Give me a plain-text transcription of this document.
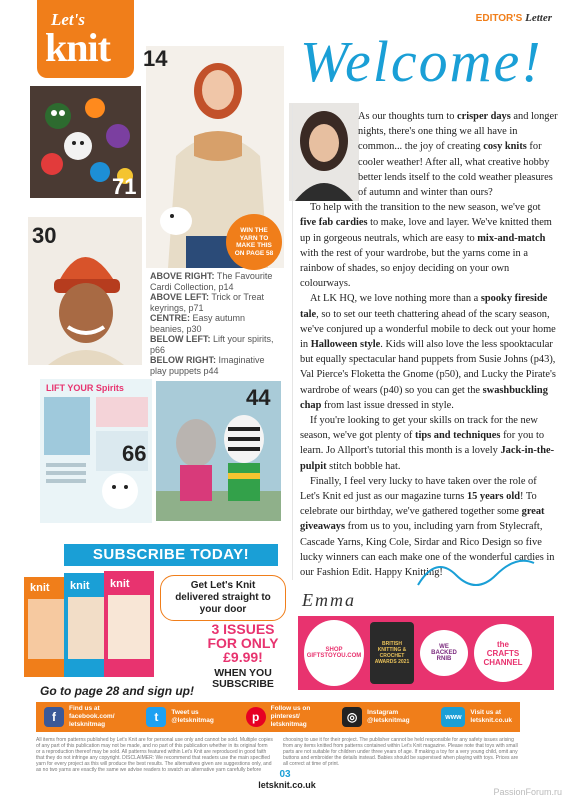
Let's
knit
EDITOR'S Letter
71
14
WIN THE YARN TO MAKE THIS ON PAGE 58
30
LIFT YOUR Spirits
66
44
ABOVE RIGHT: The Favourite Cardi Collection, p14
ABOVE LEFT: Trick or Treat keyrings, p71
CENTRE: Easy autumn beanies, p30
BELOW LEFT: Lift your spirits, p66
BELOW RIGHT: Imaginative play puppets p44
Welcome!

As our thoughts turn to crisper days and longer nights, there's one thing we all have in common... the joy of creating cosy knits for cooler weather! After all, what creative hobby better lends itself to the cold weather pleasures of autumn and winter than ours?

To help with the transition to the new season, we've got five fab cardies to make, love and layer. We've knitted them up in gorgeous neutrals, which are easy to mix-and-match with the rest of your wardrobe, but the yarns come in a rainbow of shades, so enjoy deciding on your own colourways.

At LK HQ, we love nothing more than a spooky fireside tale, so to set our teeth chattering ahead of the scary season, we've conjured up a wonderful mobile to deck out your home in Halloween style. Kids will also love the less spooktacular but equally spectacular hand puppets from Susie Johns (p43), Val Pierce's Floketta the Gnome (p50), and Lucky the Pirate's wardrobe of wears (p40) so you can get the swashbuckling chap from last issue dressed in style.

If you're looking to get your skills on track for the new season, we've got plenty of tips and techniques for you to learn. Jo Allport's tutorial this month is a lovely Jack-in-the-pulpit stitch bobble hat.

Finally, I feel very lucky to have taken over the role of Let's Knit ed just as our magazine turns 15 years old! To celebrate our birthday, we've gathered together some great giveaways from us to you, including yarn from Stylecraft, Cascade Yarns, King Cole, Sirdar and Rico Design so five lucky winners can each make one of the wonderful cardies in our Fashion Edit. Happy Knitting!

SUBSCRIBE TODAY!
knit knit knit	Get Let's Knit delivered straight to your door
3 ISSUES FOR ONLY £9.99!
WHEN YOU SUBSCRIBE
Go to page 28 and sign up!
Emma
SHOP GIFTSTOYOU.COM
BRITISH KNITTING & CROCHET AWARDS 2021
WE BACKED RNIB
the CRAFTS CHANNEL
f
Find us at
facebook.com/
letsknitmag
t	Tweet us
@letsknitmag	p
Follow us on
pinterest/
letsknitmag
◎	Instagram
@letsknitmag	www
Visit us at
letsknit.co.uk
All items from patterns published by Let's Knit are for personal use only and cannot be sold. Multiple copies of any part of this publication may not be made, and no part of this publication whether in its original form or a reproduction thereof may be sold. All patterns featured within Let's Knit are reproduced in good faith that they do not infringe any copyright. DISCLAIMER: We recommend that readers use the main specified yarn for every project as this will produce the best results. The alternatives given are suggestions only, and as no two yarns are exactly the same we advise readers to swatch an alternative yarn carefully before choosing to use it for their project. The publisher cannot be held responsible for any safety issues arising from any items knitted from patterns contained within Let's Knit magazine. Please note that toys with small parts are not suitable for children under three years of age. If making a toy for a very young child, omit any buttons and embroider the details instead. Babies should be supervised when playing with toys. Prices are all correct at time of print.
03
letsknit.co.uk
PassionForum.ru
